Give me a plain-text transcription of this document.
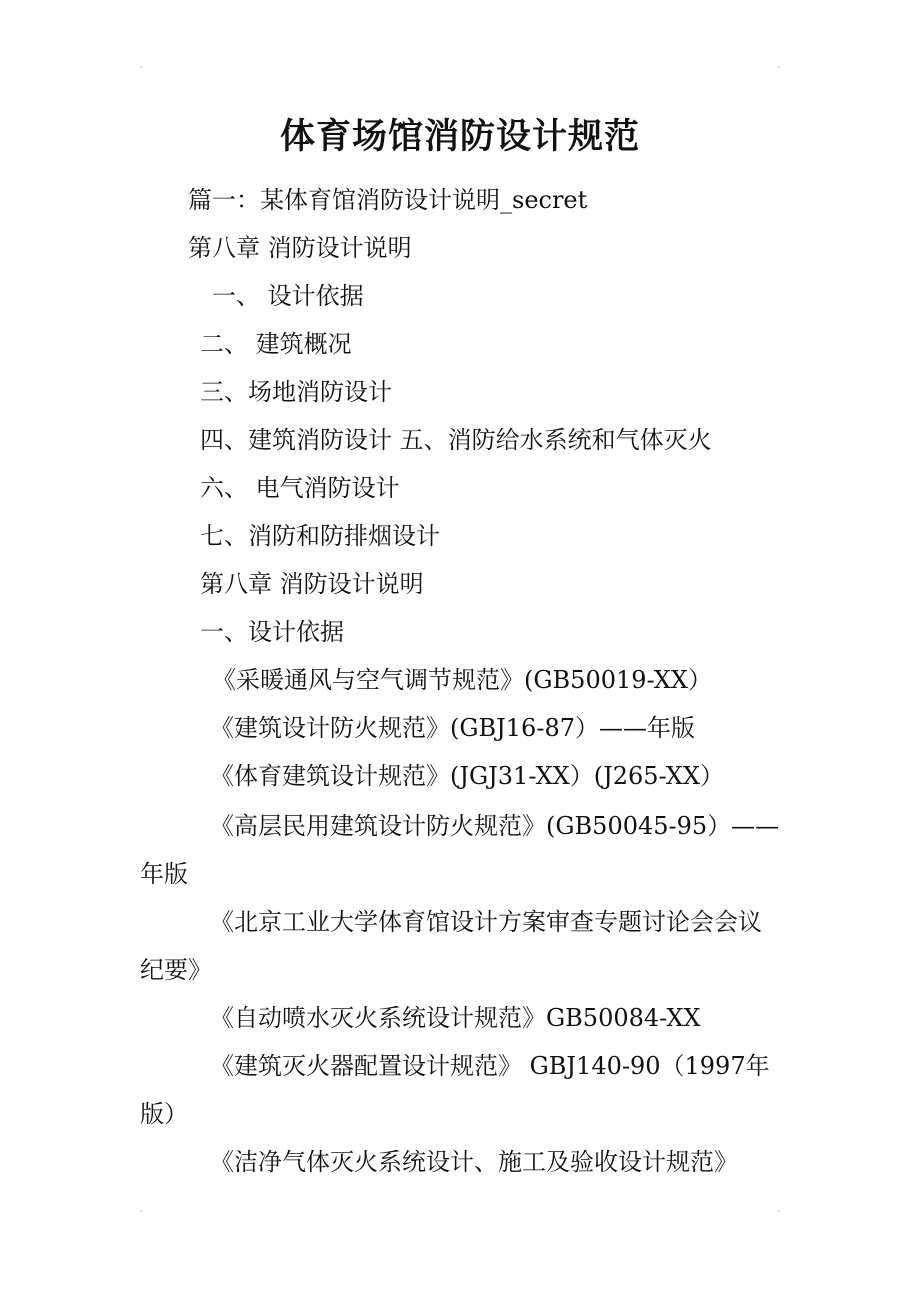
体育场馆消防设计规范
篇一：某体育馆消防设计说明_secret
第八章 消防设计说明
一、 设计依据
二、 建筑概况
三、场地消防设计
四、建筑消防设计 五、消防给水系统和气体灭火
六、 电气消防设计
七、消防和防排烟设计
第八章 消防设计说明
一、设计依据
《采暖通风与空气调节规范》(GB50019-XX）
《建筑设计防火规范》(GBJ16-87）——年版
《体育建筑设计规范》(JGJ31-XX）(J265-XX）
《高层民用建筑设计防火规范》(GB50045-95）——
年版
《北京工业大学体育馆设计方案审查专题讨论会会议
纪要》
《自动喷水灭火系统设计规范》GB50084-XX
《建筑灭火器配置设计规范》 GBJ140-90（1997年
版）
《洁净气体灭火系统设计、施工及验收设计规范》
